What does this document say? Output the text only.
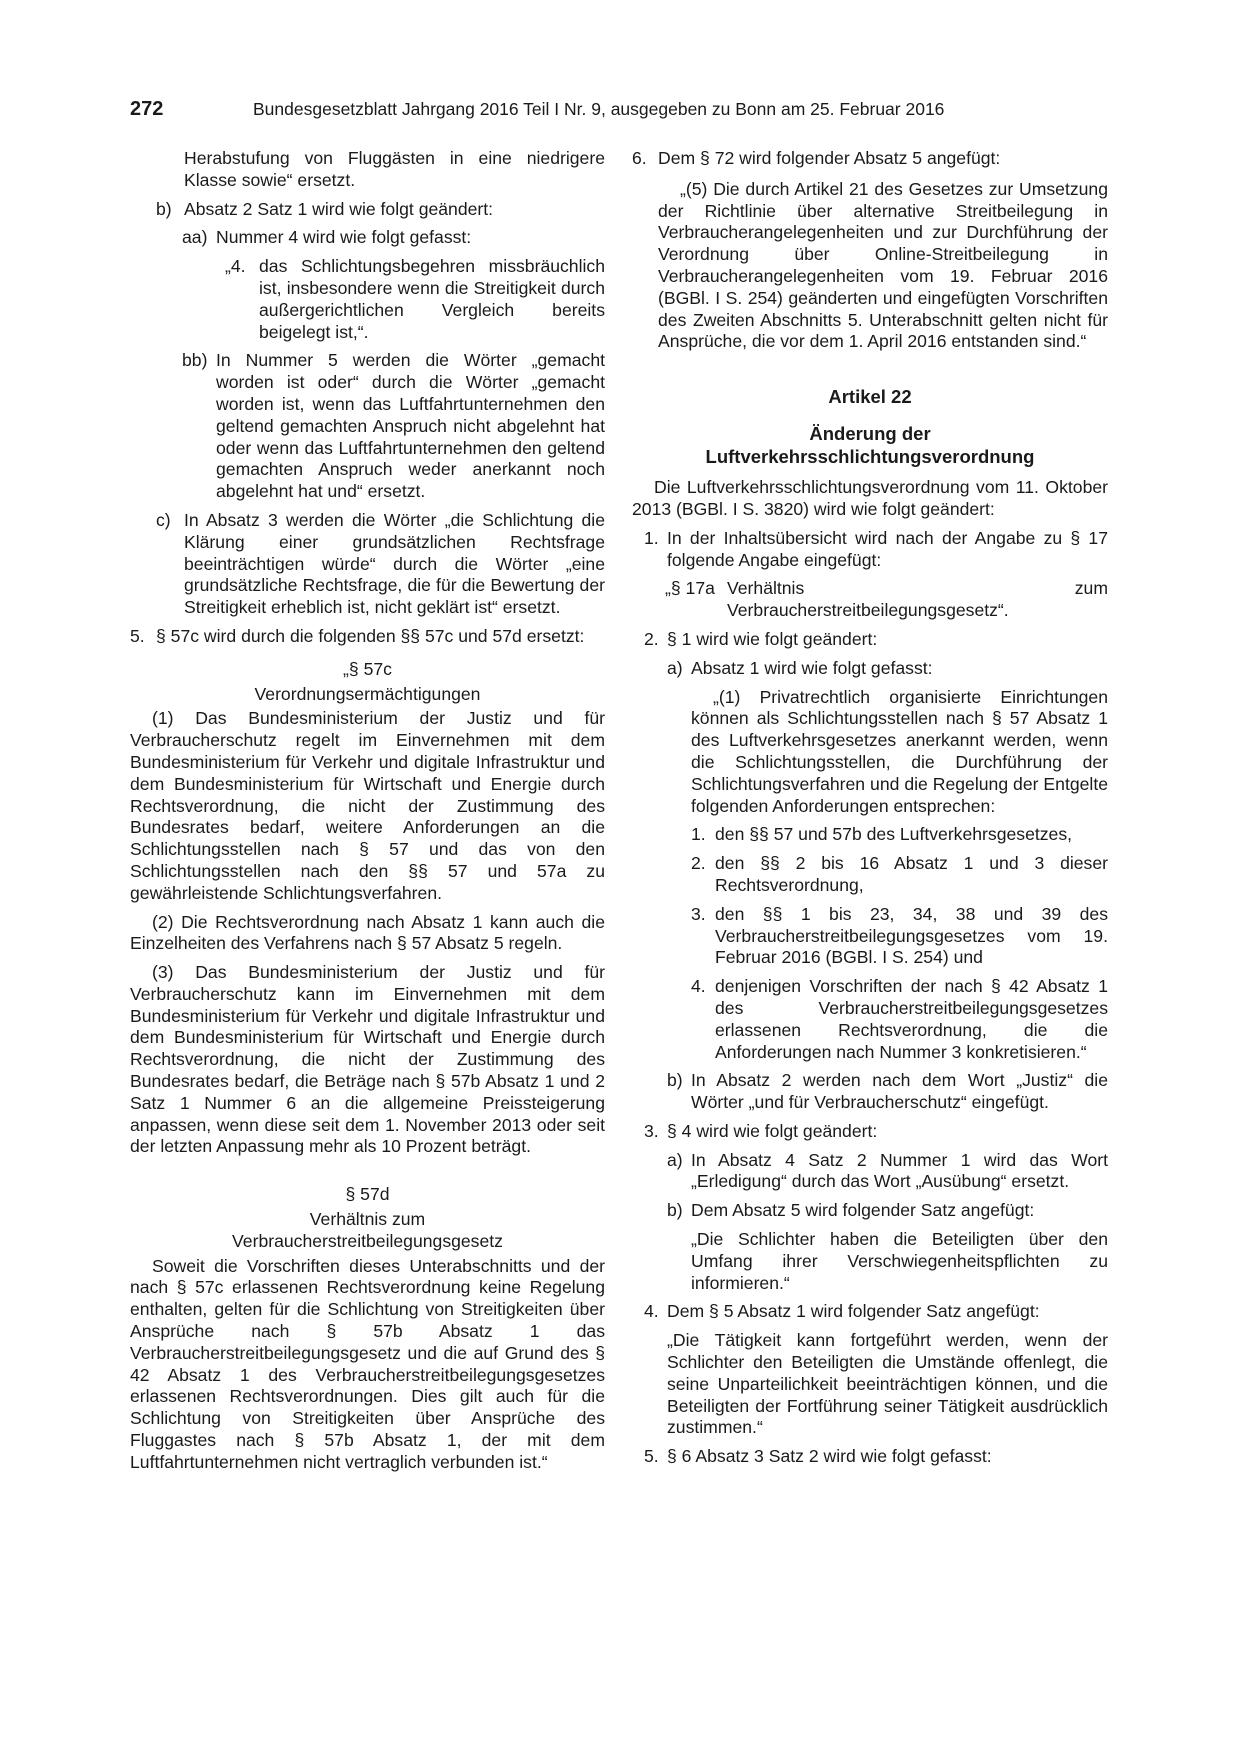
272	Bundesgesetzblatt Jahrgang 2016 Teil I Nr. 9, ausgegeben zu Bonn am 25. Februar 2016

Herabstufung von Fluggästen in eine niedrigere Klasse sowie“ ersetzt.

b) Absatz 2 Satz 1 wird wie folgt geändert:
aa) Nummer 4 wird wie folgt gefasst:
„4. das Schlichtungsbegehren missbräuchlich ist, insbesondere wenn die Streitigkeit durch außergerichtlichen Vergleich bereits beigelegt ist,“.
bb) In Nummer 5 werden die Wörter „gemacht worden ist oder“ durch die Wörter „gemacht worden ist, wenn das Luftfahrtunternehmen den geltend gemachten Anspruch nicht abgelehnt hat oder wenn das Luftfahrtunternehmen den geltend gemachten Anspruch weder anerkannt noch abgelehnt hat und“ ersetzt.
c) In Absatz 3 werden die Wörter „die Schlichtung die Klärung einer grundsätzlichen Rechtsfrage beeinträchtigen würde“ durch die Wörter „eine grundsätzliche Rechtsfrage, die für die Bewertung der Streitigkeit erheblich ist, nicht geklärt ist“ ersetzt.
5. § 57c wird durch die folgenden §§ 57c und 57d ersetzt:

„§ 57c

Verordnungsermächtigungen

(1) Das Bundesministerium der Justiz und für Verbraucherschutz regelt im Einvernehmen mit dem Bundesministerium für Verkehr und digitale Infrastruktur und dem Bundesministerium für Wirtschaft und Energie durch Rechtsverordnung, die nicht der Zustimmung des Bundesrates bedarf, weitere Anforderungen an die Schlichtungsstellen nach § 57 und das von den Schlichtungsstellen nach den §§ 57 und 57a zu gewährleistende Schlichtungsverfahren.

(2) Die Rechtsverordnung nach Absatz 1 kann auch die Einzelheiten des Verfahrens nach § 57 Absatz 5 regeln.

(3) Das Bundesministerium der Justiz und für Verbraucherschutz kann im Einvernehmen mit dem Bundesministerium für Verkehr und digitale Infrastruktur und dem Bundesministerium für Wirtschaft und Energie durch Rechtsverordnung, die nicht der Zustimmung des Bundesrates bedarf, die Beträge nach § 57b Absatz 1 und 2 Satz 1 Nummer 6 an die allgemeine Preissteigerung anpassen, wenn diese seit dem 1. November 2013 oder seit der letzten Anpassung mehr als 10 Prozent beträgt.

§ 57d

Verhältnis zum

Verbraucherstreitbeilegungsgesetz

Soweit die Vorschriften dieses Unterabschnitts und der nach § 57c erlassenen Rechtsverordnung keine Regelung enthalten, gelten für die Schlichtung von Streitigkeiten über Ansprüche nach § 57b Absatz 1 das Verbraucherstreitbeilegungsgesetz und die auf Grund des § 42 Absatz 1 des Verbraucherstreitbeilegungsgesetzes erlassenen Rechtsverordnungen. Dies gilt auch für die Schlichtung von Streitigkeiten über Ansprüche des Fluggastes nach § 57b Absatz 1, der mit dem Luftfahrtunternehmen nicht vertraglich verbunden ist.“

6. Dem § 72 wird folgender Absatz 5 angefügt:

„(5) Die durch Artikel 21 des Gesetzes zur Umsetzung der Richtlinie über alternative Streitbeilegung in Verbraucherangelegenheiten und zur Durchführung der Verordnung über Online-Streitbeilegung in Verbraucherangelegenheiten vom 19. Februar 2016 (BGBl. I S. 254) geänderten und eingefügten Vorschriften des Zweiten Abschnitts 5. Unterabschnitt gelten nicht für Ansprüche, die vor dem 1. April 2016 entstanden sind.“

Artikel 22

Änderung der

Luftverkehrsschlichtungsverordnung

Die Luftverkehrsschlichtungsverordnung vom 11. Oktober 2013 (BGBl. I S. 3820) wird wie folgt geändert:

1. In der Inhaltsübersicht wird nach der Angabe zu § 17 folgende Angabe eingefügt:
„§ 17a Verhältnis zum Verbraucherstreitbeilegungsgesetz“.
2. § 1 wird wie folgt geändert:
a) Absatz 1 wird wie folgt gefasst:

„(1) Privatrechtlich organisierte Einrichtungen können als Schlichtungsstellen nach § 57 Absatz 1 des Luftverkehrsgesetzes anerkannt werden, wenn die Schlichtungsstellen, die Durchführung der Schlichtungsverfahren und die Regelung der Entgelte folgenden Anforderungen entsprechen:

1. den §§ 57 und 57b des Luftverkehrsgesetzes,
2. den §§ 2 bis 16 Absatz 1 und 3 dieser Rechtsverordnung,
3. den §§ 1 bis 23, 34, 38 und 39 des Verbraucherstreitbeilegungsgesetzes vom 19. Februar 2016 (BGBl. I S. 254) und
4. denjenigen Vorschriften der nach § 42 Absatz 1 des Verbraucherstreitbeilegungsgesetzes erlassenen Rechtsverordnung, die die Anforderungen nach Nummer 3 konkretisieren.“
b) In Absatz 2 werden nach dem Wort „Justiz“ die Wörter „und für Verbraucherschutz“ eingefügt.
3. § 4 wird wie folgt geändert:
a) In Absatz 4 Satz 2 Nummer 1 wird das Wort „Erledigung“ durch das Wort „Ausübung“ ersetzt.
b) Dem Absatz 5 wird folgender Satz angefügt:

„Die Schlichter haben die Beteiligten über den Umfang ihrer Verschwiegenheitspflichten zu informieren.“

4. Dem § 5 Absatz 1 wird folgender Satz angefügt:

„Die Tätigkeit kann fortgeführt werden, wenn der Schlichter den Beteiligten die Umstände offenlegt, die seine Unparteilichkeit beeinträchtigen können, und die Beteiligten der Fortführung seiner Tätigkeit ausdrücklich zustimmen.“

5. § 6 Absatz 3 Satz 2 wird wie folgt gefasst:
